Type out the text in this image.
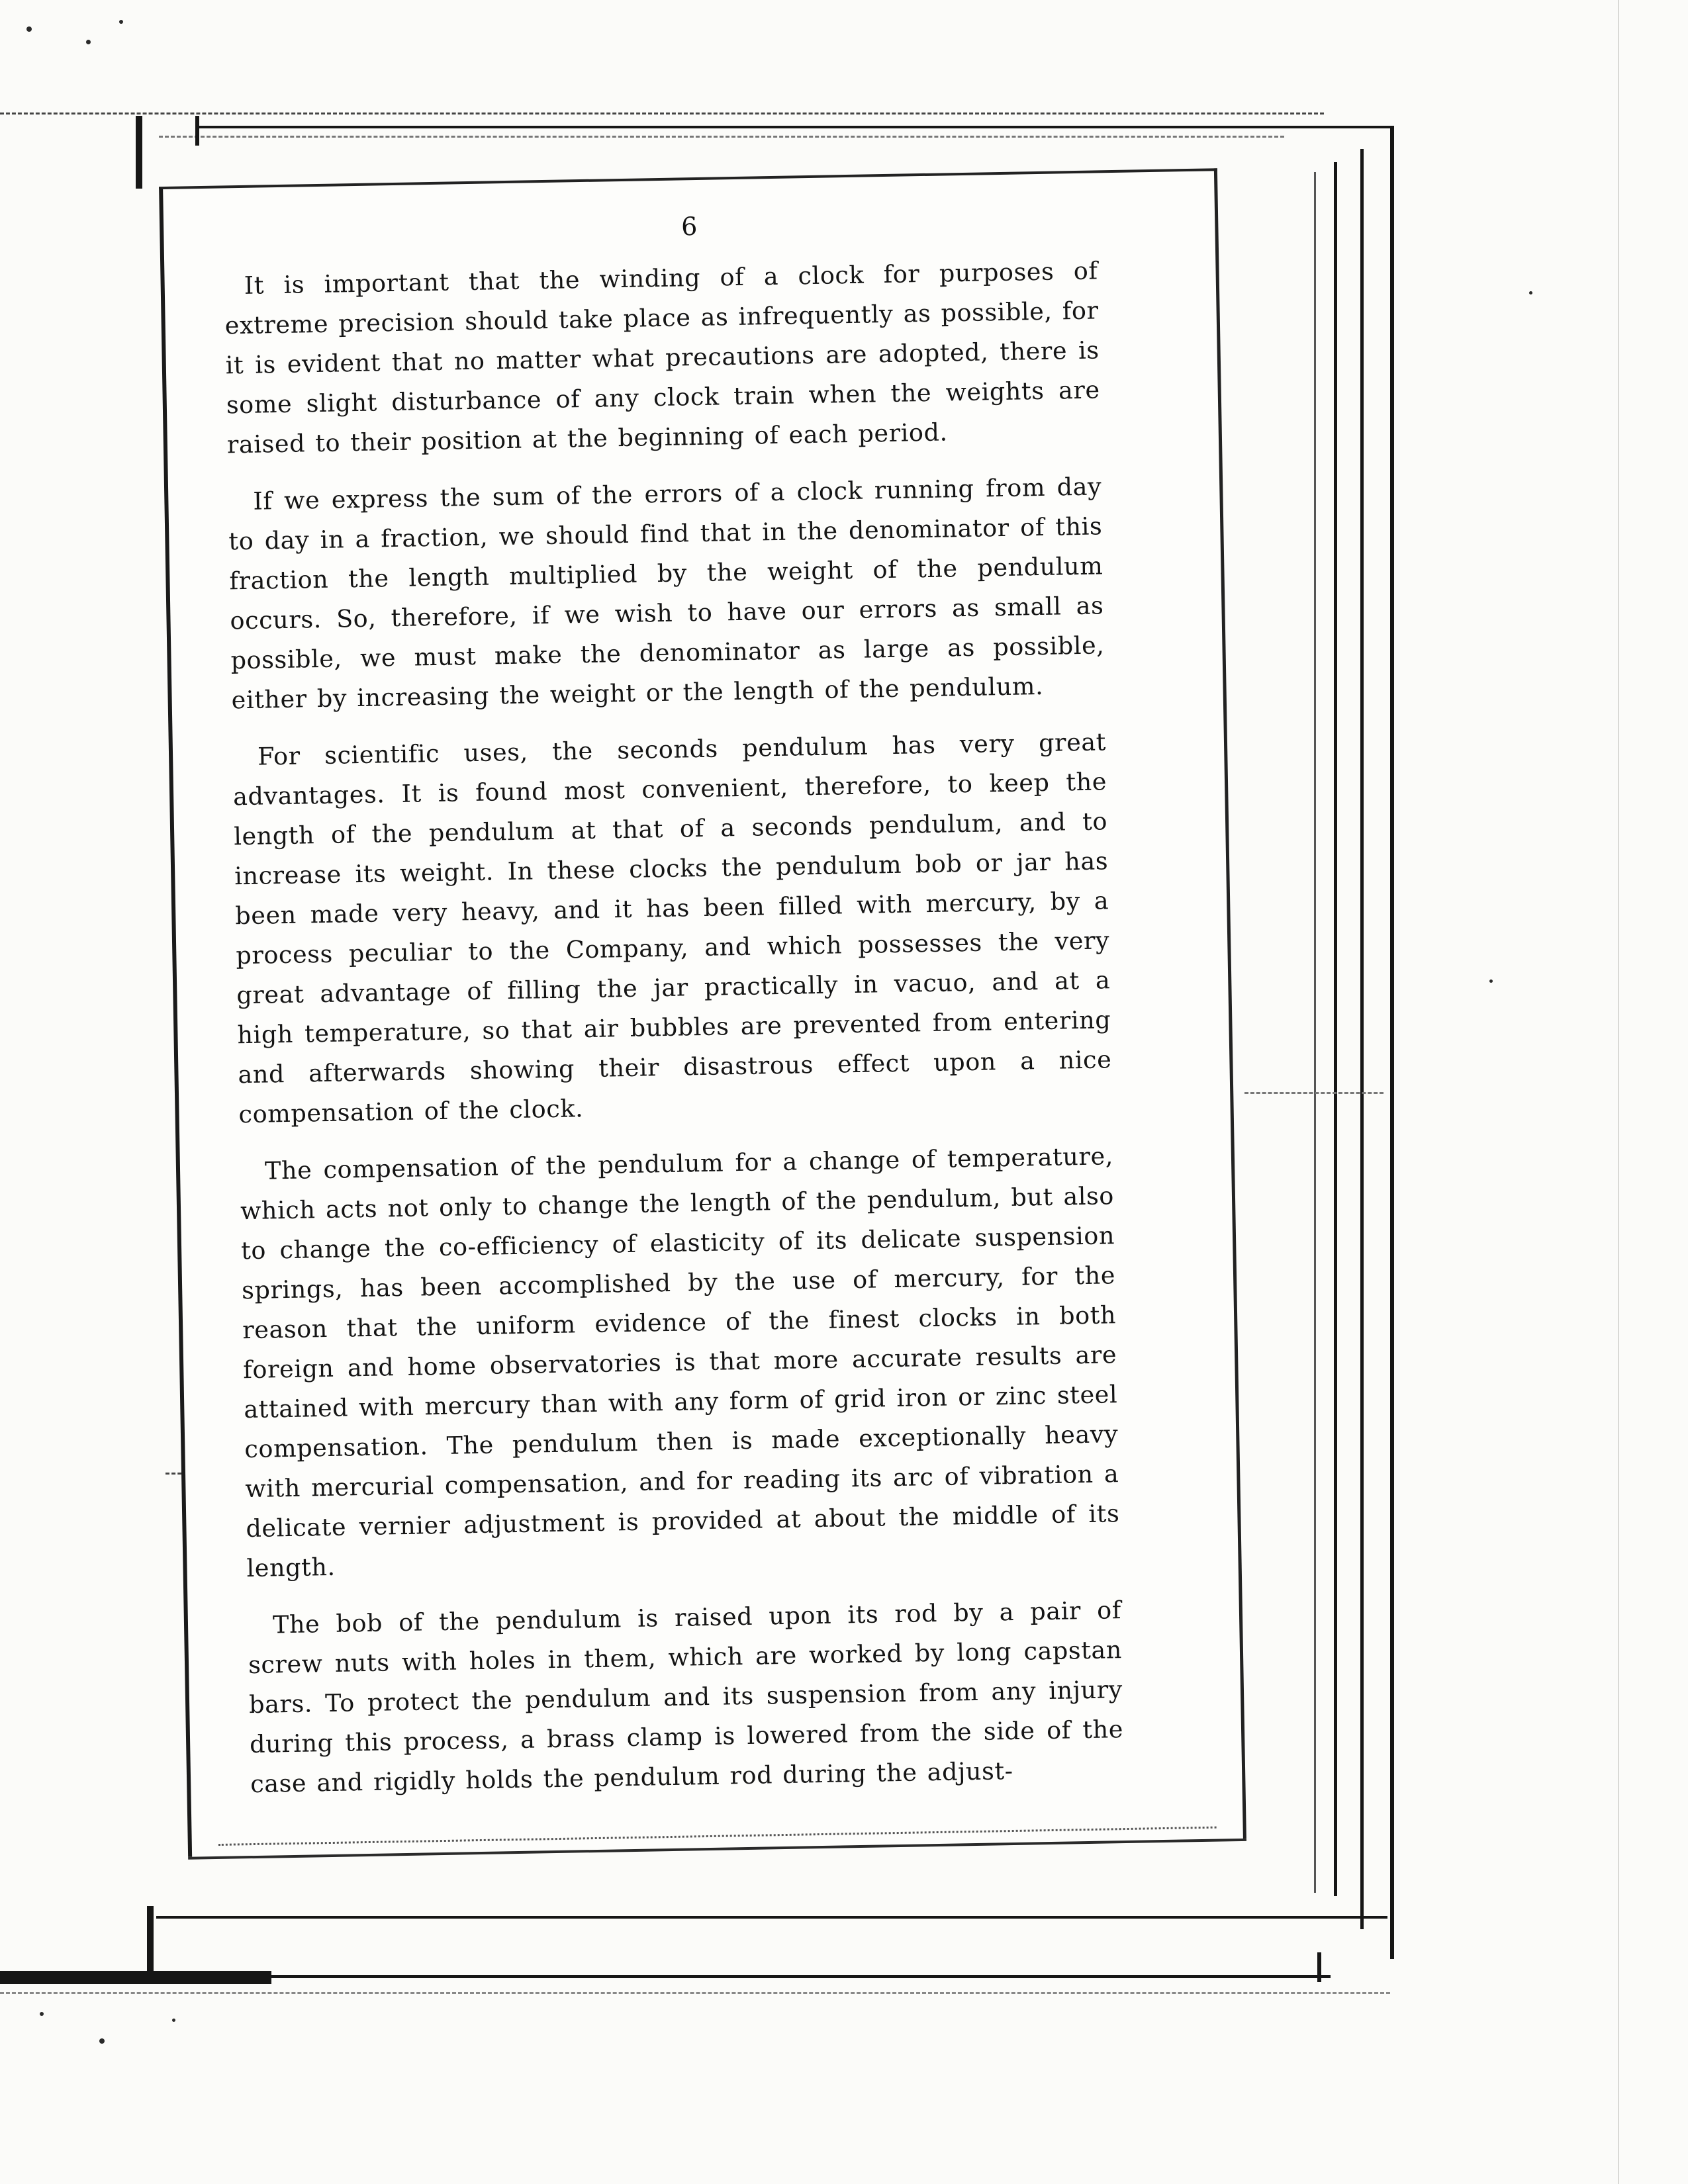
6

It is important that the winding of a clock for purposes of extreme precision should take place as infrequently as possible, for it is evident that no matter what precautions are adopted, there is some slight disturbance of any clock train when the weights are raised to their position at the beginning of each period.

If we express the sum of the errors of a clock running from day to day in a fraction, we should find that in the denominator of this fraction the length multiplied by the weight of the pendulum occurs. So, therefore, if we wish to have our errors as small as possible, we must make the denominator as large as possible, either by increasing the weight or the length of the pendulum.

For scientific uses, the seconds pendulum has very great advantages. It is found most convenient, therefore, to keep the length of the pendulum at that of a seconds pendulum, and to increase its weight. In these clocks the pendulum bob or jar has been made very heavy, and it has been filled with mercury, by a process peculiar to the Company, and which possesses the very great advantage of filling the jar practically in vacuo, and at a high temperature, so that air bubbles are prevented from entering and afterwards showing their disastrous effect upon a nice compensation of the clock.

The compensation of the pendulum for a change of temperature, which acts not only to change the length of the pendulum, but also to change the co-efficiency of elasticity of its delicate suspension springs, has been accomplished by the use of mercury, for the reason that the uniform evidence of the finest clocks in both foreign and home observatories is that more accurate results are attained with mercury than with any form of grid iron or zinc steel compensation. The pendulum then is made exceptionally heavy with mercurial compensation, and for reading its arc of vibration a delicate vernier adjustment is provided at about the middle of its length.

The bob of the pendulum is raised upon its rod by a pair of screw nuts with holes in them, which are worked by long capstan bars. To protect the pendulum and its suspension from any injury during this process, a brass clamp is lowered from the side of the case and rigidly holds the pendulum rod during the adjust-
